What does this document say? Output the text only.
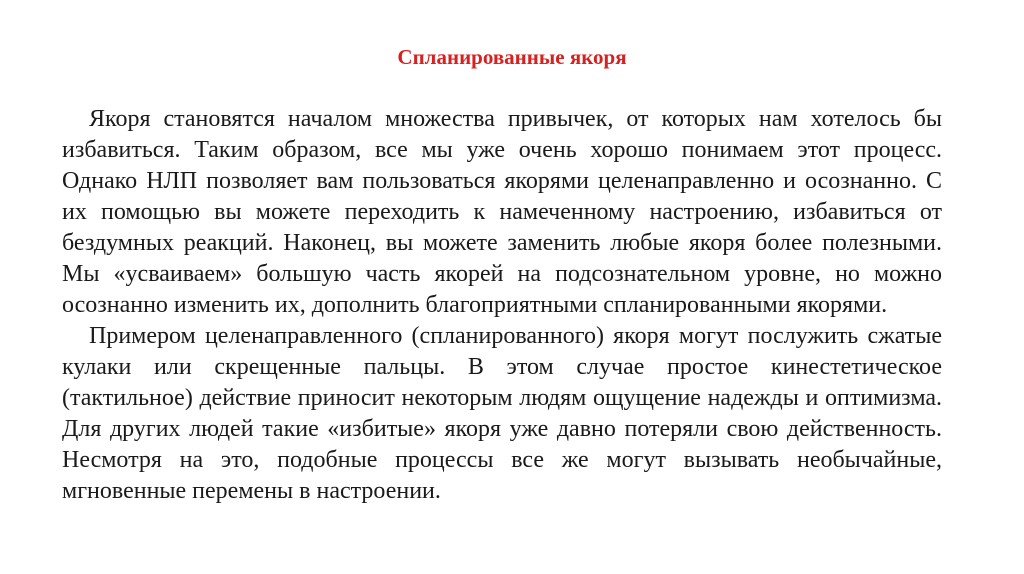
Спланированные якоря

Якоря становятся началом множества привычек, от которых нам хотелось бы избавиться. Таким образом, все мы уже очень хорошо понимаем этот процесс. Однако НЛП позволяет вам пользоваться якорями целенаправленно и осознанно. С их помощью вы можете переходить к намеченному настроению, избавиться от бездумных реакций. Наконец, вы можете заменить любые якоря более полезными. Мы «усваиваем» большую часть якорей на подсознательном уровне, но можно осознанно изменить их, дополнить благоприятными спланированными якорями.

Примером целенаправленного (спланированного) якоря могут послужить сжатые кулаки или скрещенные пальцы. В этом случае простое кинестетическое (тактильное) действие приносит некоторым людям ощущение надежды и оптимизма. Для других людей такие «избитые» якоря уже давно потеряли свою действенность. Несмотря на это, подобные процессы все же могут вызывать необычайные, мгновенные перемены в настроении.
